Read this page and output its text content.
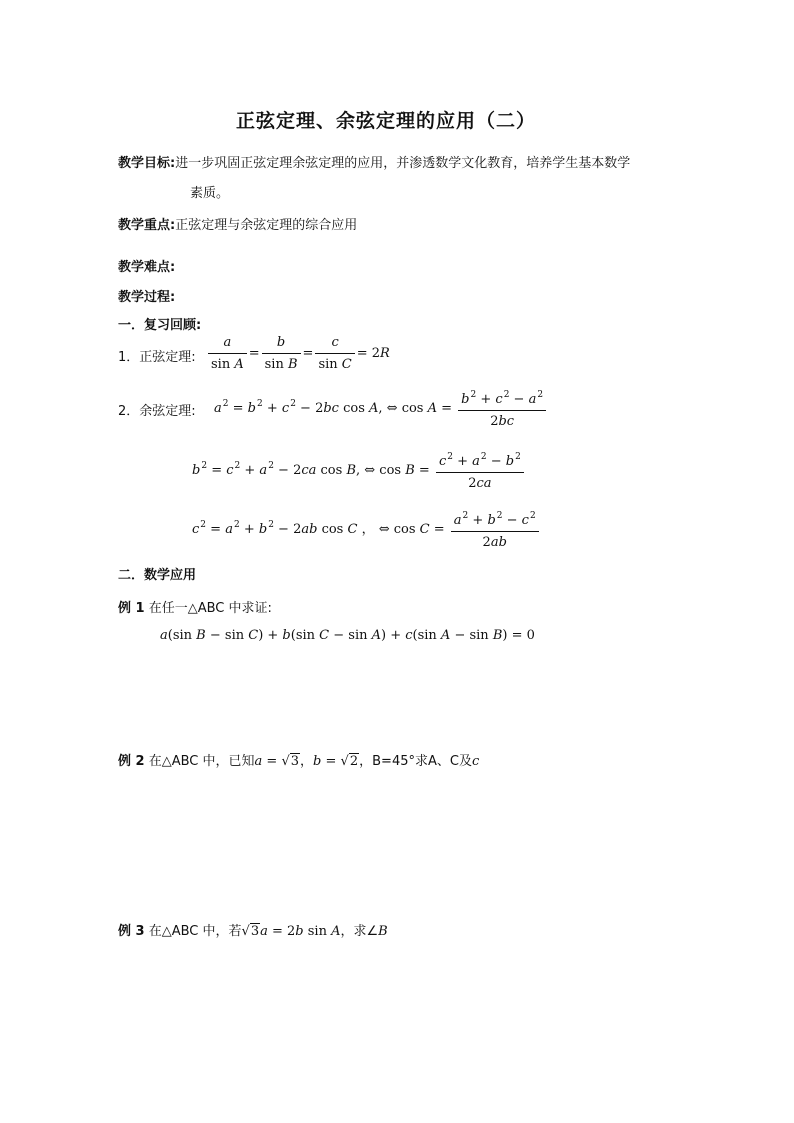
正弦定理、余弦定理的应用（二）
教学目标:进一步巩固正弦定理余弦定理的应用，并渗透数学文化教育，培养学生基本数学
素质。
教学重点:正弦定理与余弦定理的综合应用
教学难点:
教学过程:
一．复习回顾:
1．正弦定理: $\frac{a}{\text{sin A}} = \frac{b}{\text{sin B}} = \frac{c}{\text{sin C}} = 2R$
2．余弦定理: $a^2 = b^2 + c^2 - 2bc$ cos A, ⇔ $\cos A = \frac{b^2 + c^2 - a^2}{2bc}$
$b^2 = c^2 + a^2 - 2ca$ cos B, ⇔ $\cos B = \frac{c^2 + a^2 - b^2}{2ca}$
$c^2 = a^2 + b^2 - 2ab$ cos C ， ⇔ $\cos C = \frac{a^2 + b^2 - c^2}{2ab}$
二．数学应用
例 1 在任一△ABC 中求证:
a(sin B − sin C) + b(sin C − sin A) + c(sin A − sin B) = 0
例 2 在△ABC 中，已知a = √3，b = √2，B=45°求A、C及c
例 3 在△ABC 中，若√3a = 2b sin A，求∠B
